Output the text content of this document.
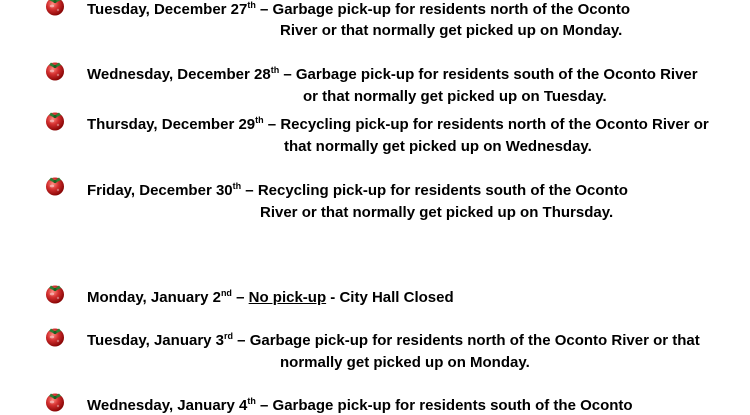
Tuesday, December 27th – Garbage pick-up for residents north of the Oconto
River or that normally get picked up on Monday.
Wednesday, December 28th – Garbage pick-up for residents south of the Oconto River
or that normally get picked up on Tuesday.
Thursday, December 29th – Recycling pick-up for residents north of the Oconto River or
that normally get picked up on Wednesday.
Friday, December 30th – Recycling pick-up for residents south of the Oconto
River or that normally get picked up on Thursday.
Monday, January 2nd – No pick-up - City Hall Closed
Tuesday, January 3rd – Garbage pick-up for residents north of the Oconto River or that
normally get picked up on Monday.
Wednesday, January 4th – Garbage pick-up for residents south of the Oconto
